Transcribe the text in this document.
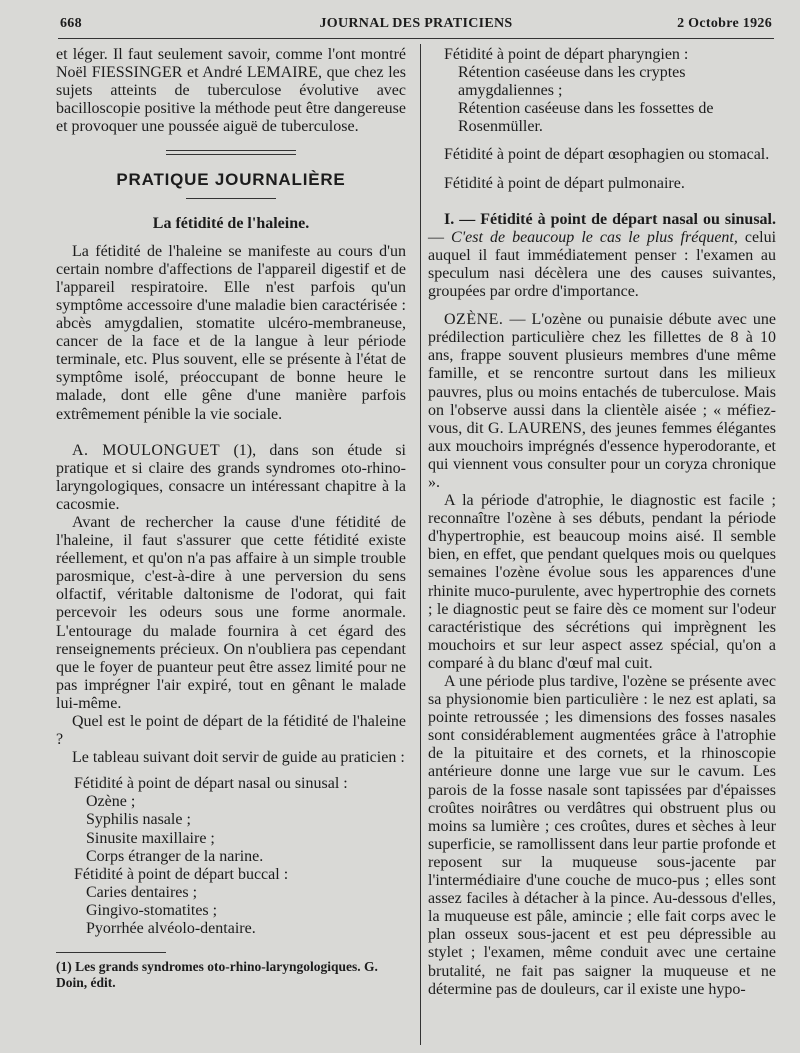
668	JOURNAL DES PRATICIENS	2 Octobre 1926

et léger. Il faut seulement savoir, comme l'ont montré Noël FIESSINGER et André LEMAIRE, que chez les sujets atteints de tuberculose évolutive avec bacilloscopie positive la méthode peut être dangereuse et provoquer une poussée aiguë de tuberculose.

PRATIQUE JOURNALIÈRE
La fétidité de l'haleine.

La fétidité de l'haleine se manifeste au cours d'un certain nombre d'affections de l'appareil digestif et de l'appareil respiratoire. Elle n'est parfois qu'un symptôme accessoire d'une maladie bien caractérisée : abcès amygdalien, stomatite ulcéro-membraneuse, cancer de la face et de la langue à leur période terminale, etc. Plus souvent, elle se présente à l'état de symptôme isolé, préoccupant de bonne heure le malade, dont elle gêne d'une manière parfois extrêmement pénible la vie sociale.

A. MOULONGUET (1), dans son étude si pratique et si claire des grands syndromes oto-rhino-laryngologiques, consacre un intéressant chapitre à la cacosmie.

Avant de rechercher la cause d'une fétidité de l'haleine, il faut s'assurer que cette fétidité existe réellement, et qu'on n'a pas affaire à un simple trouble parosmique, c'est-à-dire à une perversion du sens olfactif, véritable daltonisme de l'odorat, qui fait percevoir les odeurs sous une forme anormale. L'entourage du malade fournira à cet égard des renseignements précieux. On n'oubliera pas cependant que le foyer de puanteur peut être assez limité pour ne pas imprégner l'air expiré, tout en gênant le malade lui-même.

Quel est le point de départ de la fétidité de l'haleine ?

Le tableau suivant doit servir de guide au praticien :

Fétidité à point de départ nasal ou sinusal :

Ozène ;

Syphilis nasale ;

Sinusite maxillaire ;

Corps étranger de la narine.

Fétidité à point de départ buccal :

Caries dentaires ;

Gingivo-stomatites ;

Pyorrhée alvéolo-dentaire.

(1) Les grands syndromes oto-rhino-laryngologiques. G. Doin, édit.

Fétidité à point de départ pharyngien :

Rétention caséeuse dans les cryptes amygdaliennes ;

Rétention caséeuse dans les fossettes de Rosenmüller.

Fétidité à point de départ œsophagien ou stomacal.

Fétidité à point de départ pulmonaire.

I. — Fétidité à point de départ nasal ou sinusal. — C'est de beaucoup le cas le plus fréquent, celui auquel il faut immédiatement penser : l'examen au speculum nasi décèlera une des causes suivantes, groupées par ordre d'importance.

OZÈNE. — L'ozène ou punaisie débute avec une prédilection particulière chez les fillettes de 8 à 10 ans, frappe souvent plusieurs membres d'une même famille, et se rencontre surtout dans les milieux pauvres, plus ou moins entachés de tuberculose. Mais on l'observe aussi dans la clientèle aisée ; « méfiez-vous, dit G. LAURENS, des jeunes femmes élégantes aux mouchoirs imprégnés d'essence hyperodorante, et qui viennent vous consulter pour un coryza chronique ».

A la période d'atrophie, le diagnostic est facile ; reconnaître l'ozène à ses débuts, pendant la période d'hypertrophie, est beaucoup moins aisé. Il semble bien, en effet, que pendant quelques mois ou quelques semaines l'ozène évolue sous les apparences d'une rhinite muco-purulente, avec hypertrophie des cornets ; le diagnostic peut se faire dès ce moment sur l'odeur caractéristique des sécrétions qui imprègnent les mouchoirs et sur leur aspect assez spécial, qu'on a comparé à du blanc d'œuf mal cuit.

A une période plus tardive, l'ozène se présente avec sa physionomie bien particulière : le nez est aplati, sa pointe retroussée ; les dimensions des fosses nasales sont considérablement augmentées grâce à l'atrophie de la pituitaire et des cornets, et la rhinoscopie antérieure donne une large vue sur le cavum. Les parois de la fosse nasale sont tapissées par d'épaisses croûtes noirâtres ou verdâtres qui obstruent plus ou moins sa lumière ; ces croûtes, dures et sèches à leur superficie, se ramollissent dans leur partie profonde et reposent sur la muqueuse sous-jacente par l'intermédiaire d'une couche de muco-pus ; elles sont assez faciles à détacher à la pince. Au-dessous d'elles, la muqueuse est pâle, amincie ; elle fait corps avec le plan osseux sous-jacent et est peu dépressible au stylet ; l'examen, même conduit avec une certaine brutalité, ne fait pas saigner la muqueuse et ne détermine pas de douleurs, car il existe une hypo-
